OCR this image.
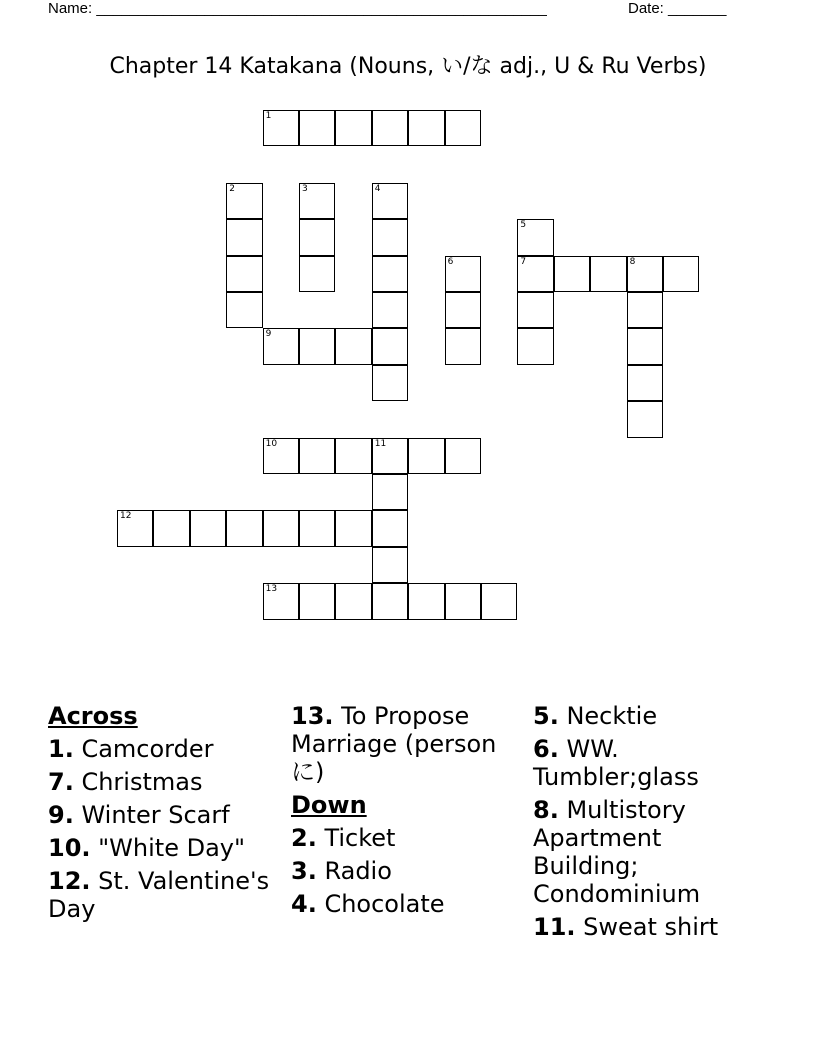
Name: ______________________________________________________	Date: _______
Chapter 14 Katakana (Nouns, い/な adj., U & Ru Verbs)
1
2	3	4
5
7
6	8
9
10	11
12
13
Across
1. Camcorder
7. Christmas
9. Winter Scarf
10. "White Day"
12. St. Valentine's Day
13. To Propose Marriage (person に)
Down
2. Ticket
3. Radio
4. Chocolate
5. Necktie
6. WW. Tumbler;glass
8. Multistory Apartment Building; Condominium
11. Sweat shirt
